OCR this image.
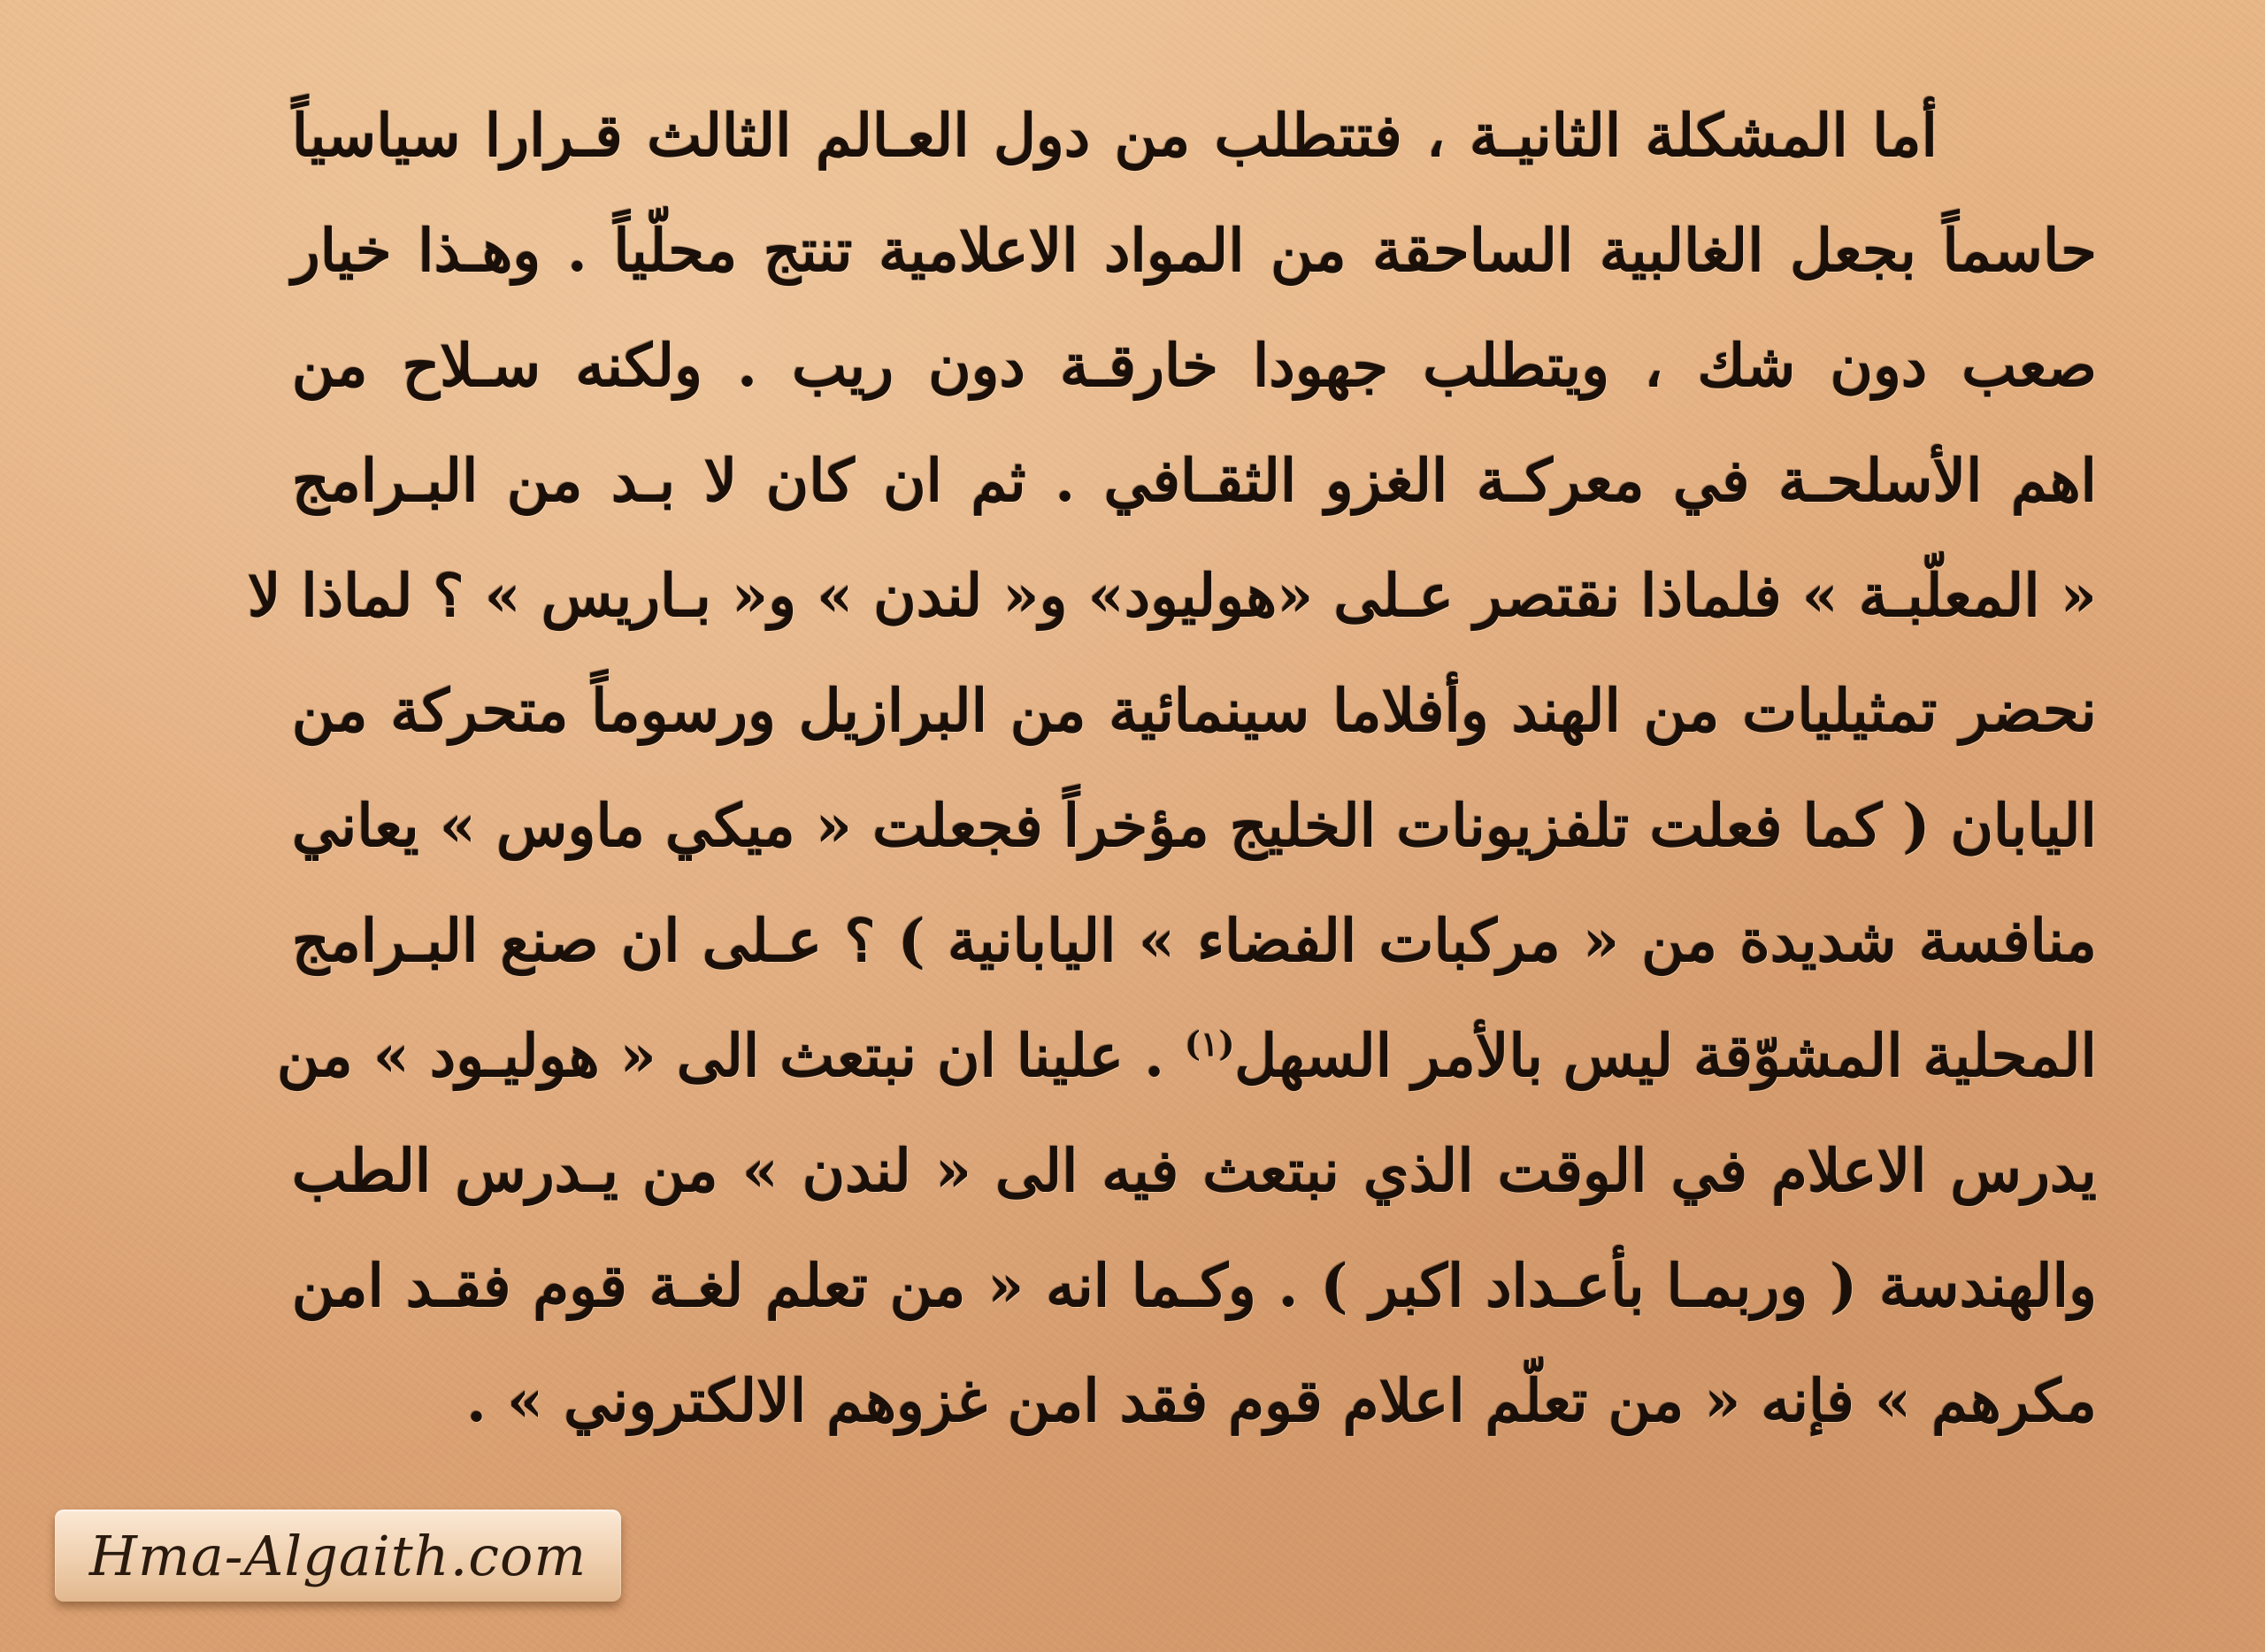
أما المشكلة الثانيـة ، فتتطلب من دول العـالم الثالث قـرارا سياسياً
حاسماً بجعل الغالبية الساحقة من المواد الاعلامية تنتج محلّياً . وهـذا خيار
صعب دون شك ، ويتطلب جهودا خارقـة دون ريب . ولكنه سـلاح من
اهم الأسلحـة في معركـة الغزو الثقـافي . ثم ان كان لا بـد من البـرامج
« المعلّبـة » فلماذا نقتصر عـلى «هوليود» و« لندن » و« بـاريس » ؟ لماذا لا
نحضر تمثيليات من الهند وأفلاما سينمائية من البرازيل ورسوماً متحركة من
اليابان ( كما فعلت تلفزيونات الخليج مؤخراً فجعلت « ميكي ماوس » يعاني
منافسة شديدة من « مركبات الفضاء » اليابانية ) ؟ عـلى ان صنع البـرامج
المحلية المشوّقة ليس بالأمر السهل$^{(١)}$ . علينا ان نبتعث الى « هوليـود » من
يدرس الاعلام في الوقت الذي نبتعث فيه الى « لندن » من يـدرس الطب
والهندسة ( وربمـا بأعـداد اكبر ) . وكـما انه « من تعلم لغـة قوم فقـد امن
مكرهم » فإنه « من تعلّم اعلام قوم فقد امن غزوهم الالكتروني » .
Hma-Algaith.com
